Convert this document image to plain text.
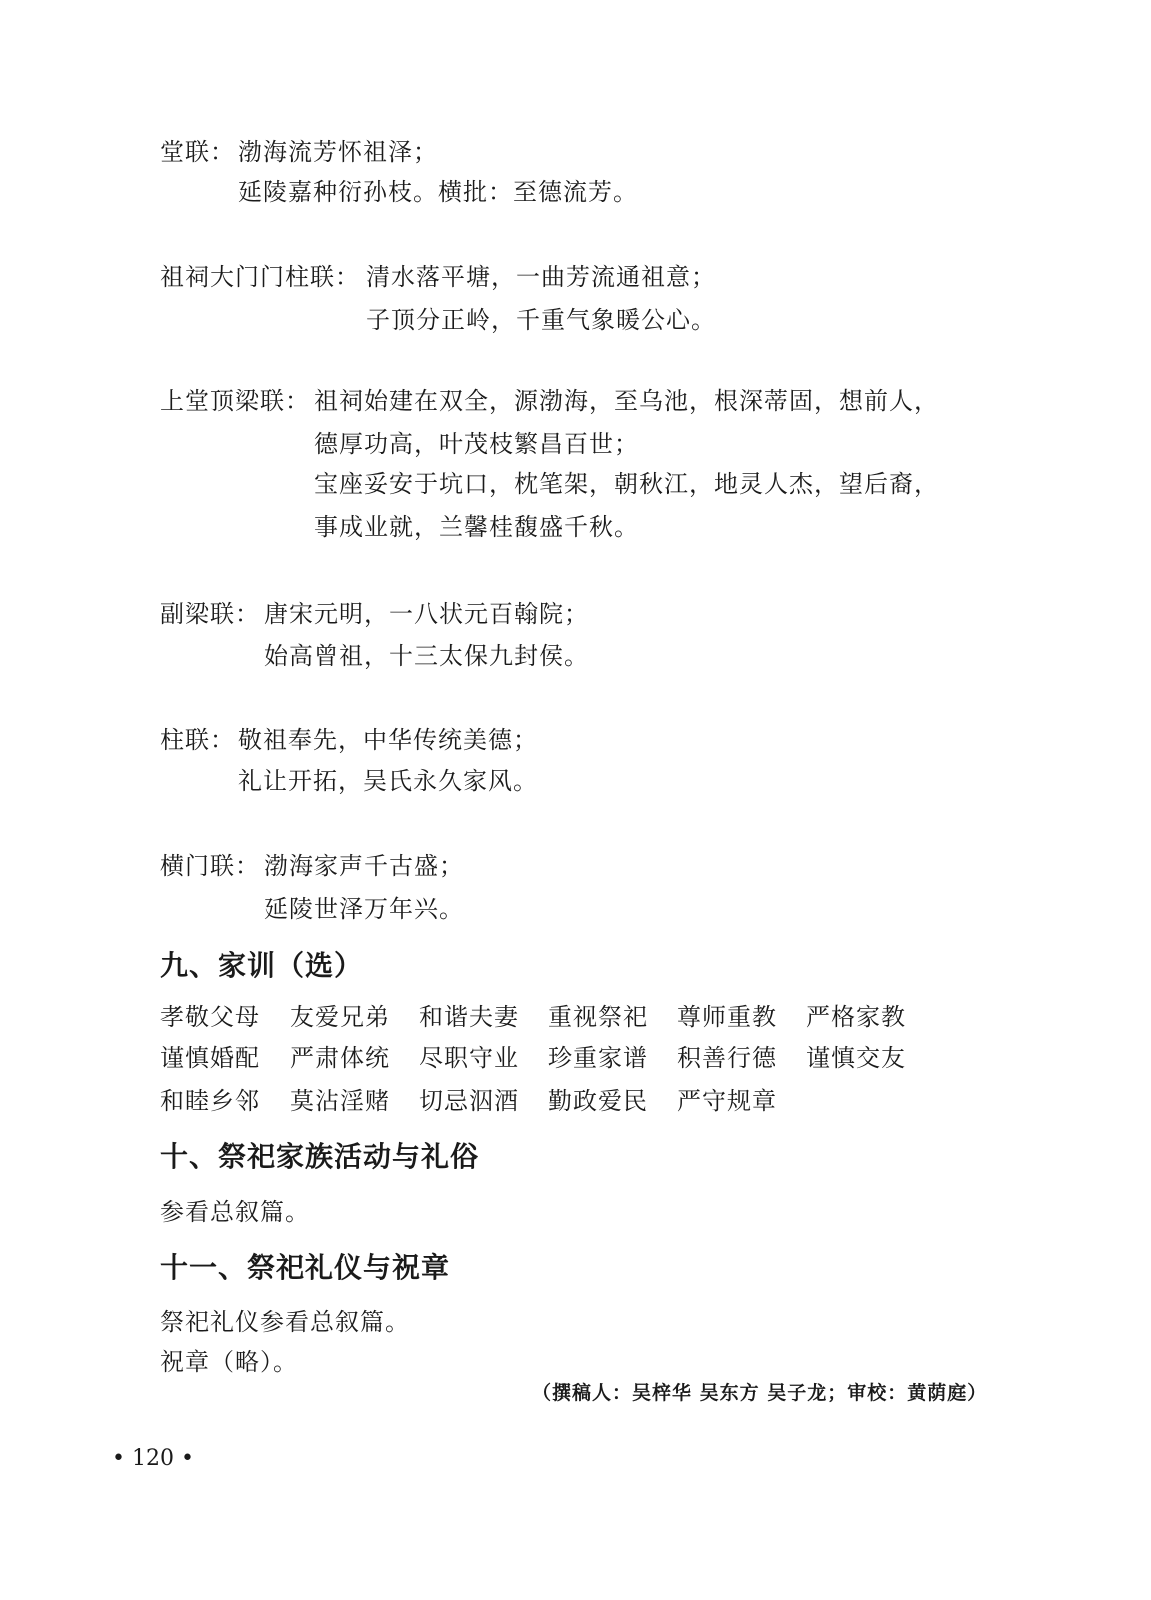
堂联： 渤海流芳怀祖泽；
延陵嘉种衍孙枝。横批：至德流芳。
祖祠大门门柱联： 清水落平塘，一曲芳流通祖意；
子顶分正岭，千重气象暖公心。
上堂顶梁联： 祖祠始建在双全，源渤海，至乌池，根深蒂固，想前人，
德厚功高，叶茂枝繁昌百世；
宝座妥安于坑口，枕笔架，朝秋江，地灵人杰，望后裔，
事成业就，兰馨桂馥盛千秋。
副梁联： 唐宋元明，一八状元百翰院；
始高曾祖，十三太保九封侯。
柱联： 敬祖奉先，中华传统美德；
礼让开拓，吴氏永久家风。
横门联： 渤海家声千古盛；
延陵世泽万年兴。
九、家训（选）
孝敬父母 友爱兄弟 和谐夫妻 重视祭祀 尊师重教 严格家教
谨慎婚配 严肃体统 尽职守业 珍重家谱 积善行德 谨慎交友
和睦乡邻 莫沾淫赌 切忌泅酒 勤政爱民 严守规章
十、祭祀家族活动与礼俗
参看总叙篇。
十一、祭祀礼仪与祝章
祭祀礼仪参看总叙篇。
祝章（略）。
（撰稿人：吴梓华 吴东方 吴子龙；审校：黄荫庭）
• 120 •
